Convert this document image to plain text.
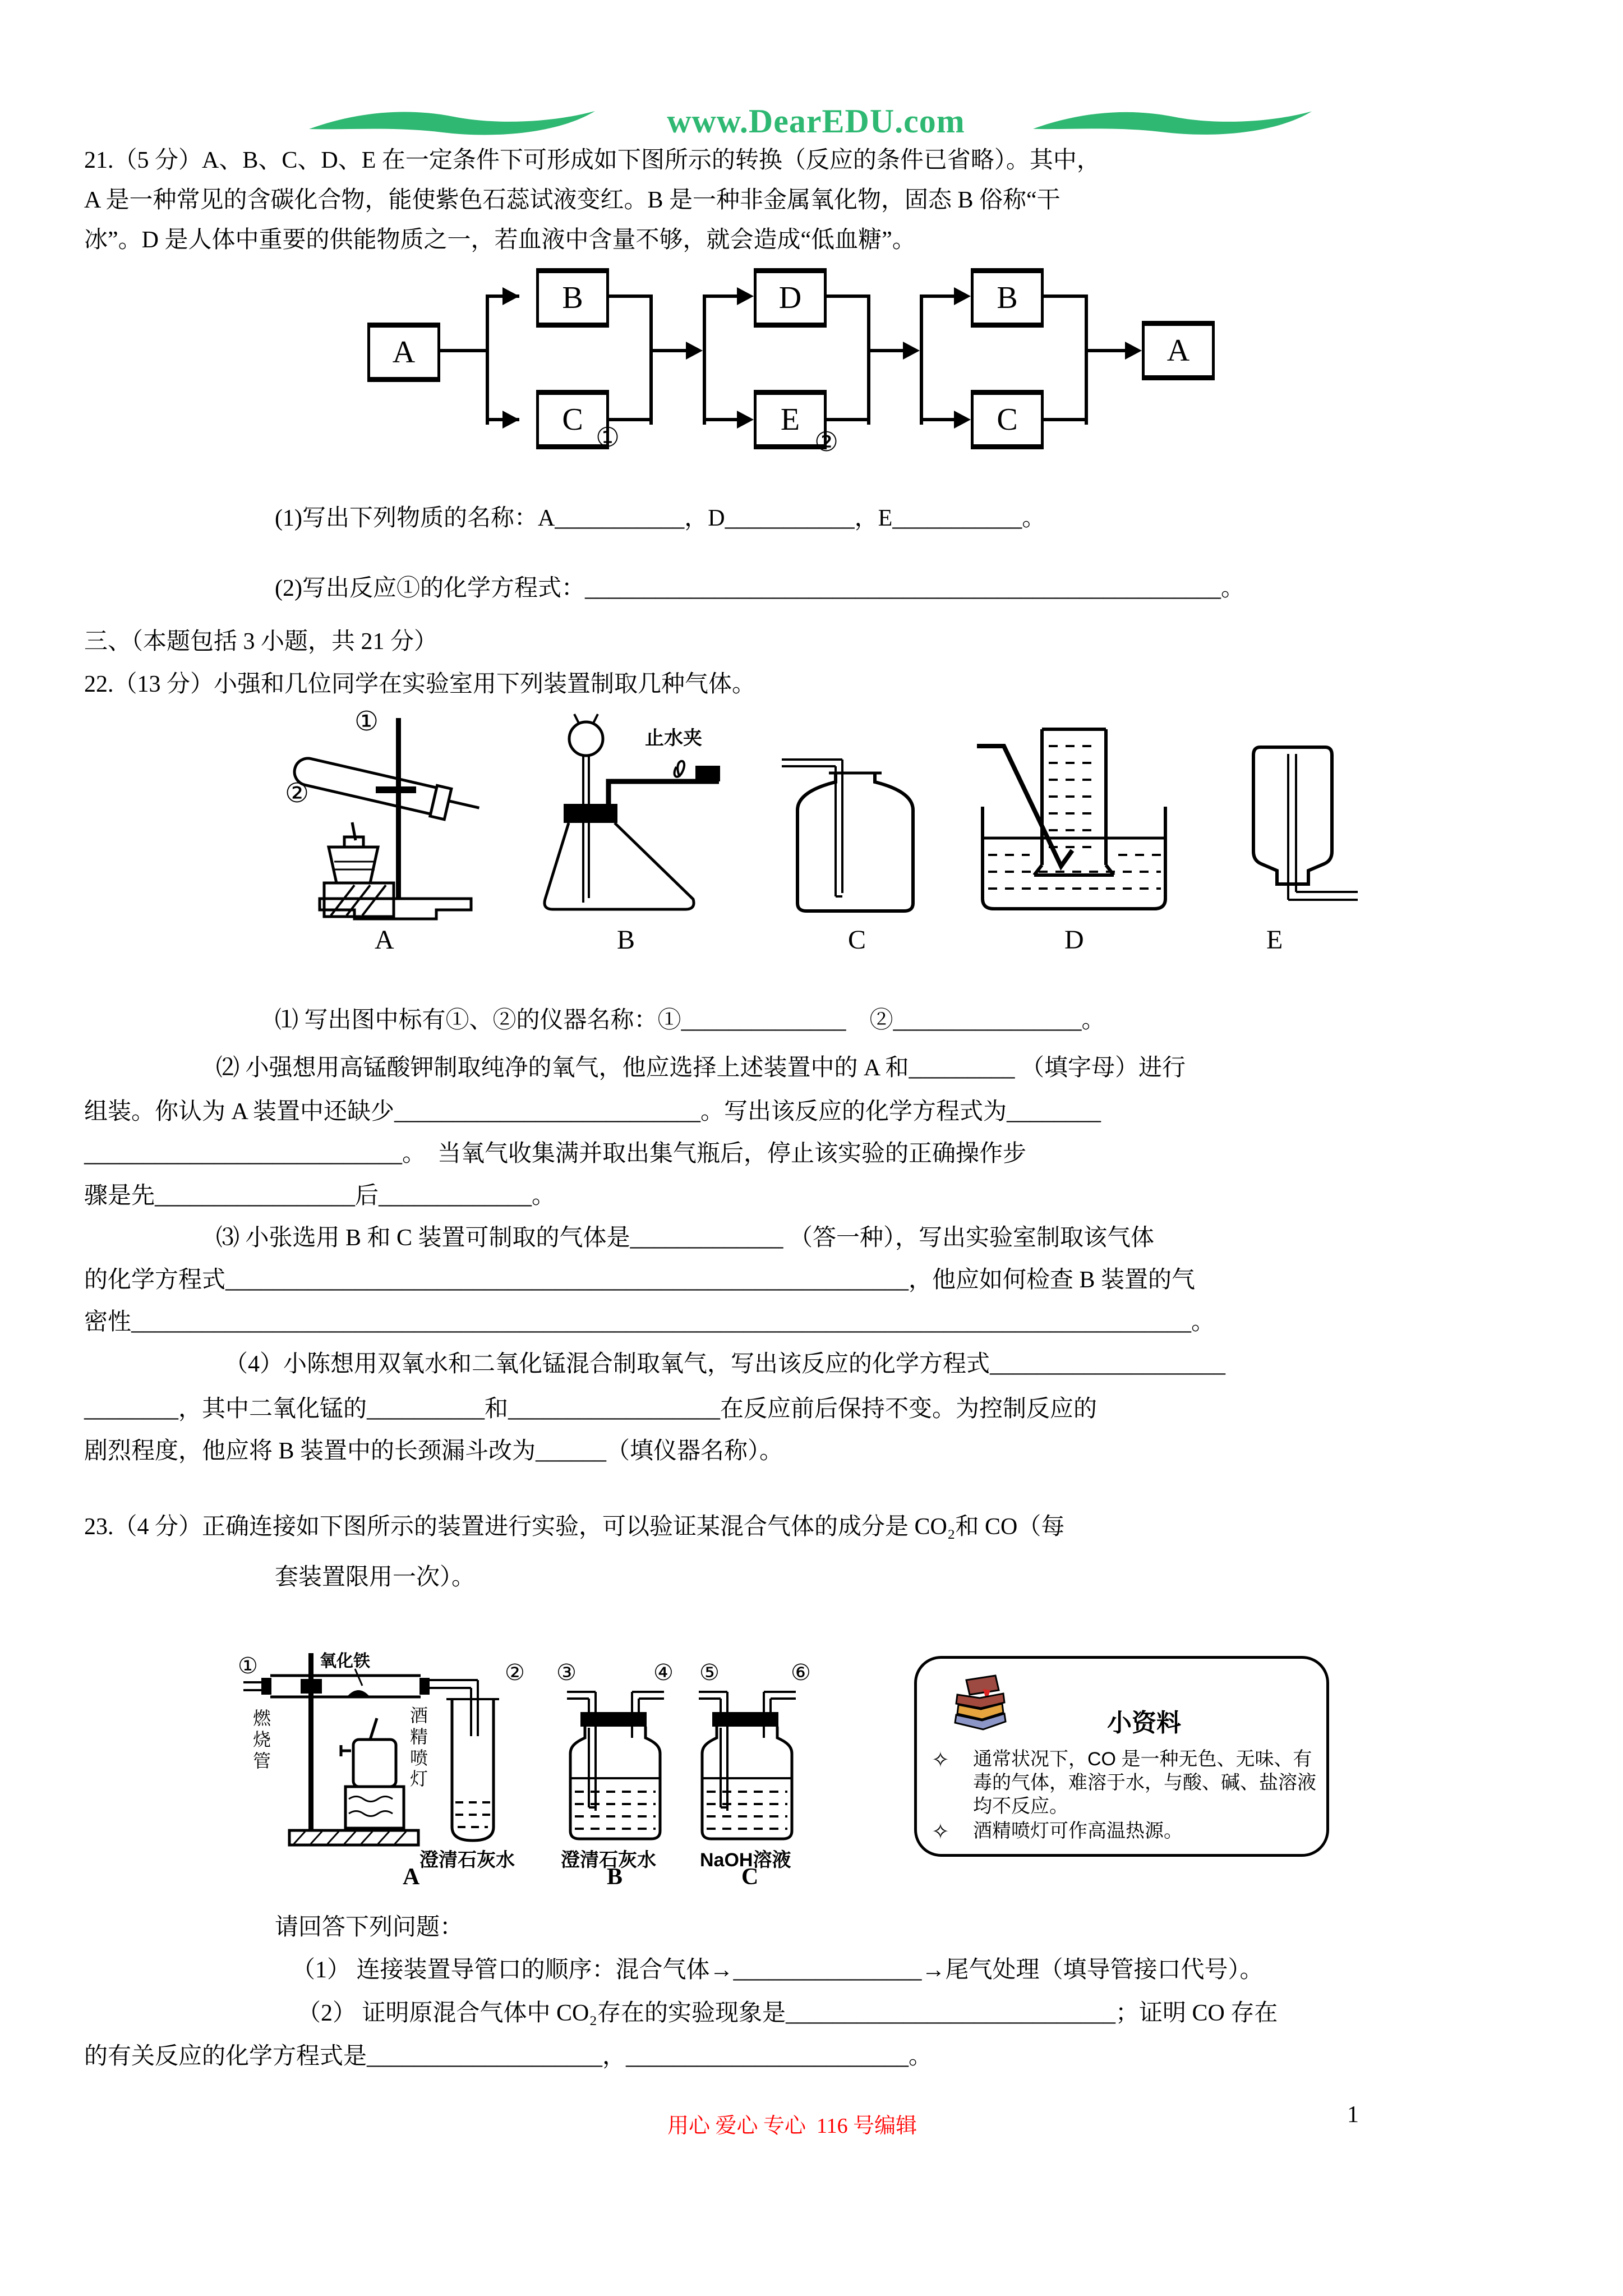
www.DearEDU.com
21.（5 分）A、B、C、D、E 在一定条件下可形成如下图所示的转换（反应的条件已省略）。其中，
A 是一种常见的含碳化合物，能使紫色石蕊试液变红。B 是一种非金属氧化物，固态 B 俗称“干
冰”。D 是人体中重要的供能物质之一，若血液中含量不够，就会造成“低血糖”。
A
B
C
D
E
B
C
A
①	②
(1)写出下列物质的名称：A___________，D___________，E___________。
(2)写出反应①的化学方程式：______________________________________________________。
三、（本题包括 3 小题，共 21 分）
22.（13 分）小强和几位同学在实验室用下列装置制取几种气体。
①
②
止水夹
A	B	C	D	E
⑴ 写出图中标有①、②的仪器名称：①______________　②________________。
⑵ 小强想用高锰酸钾制取纯净的氧气，他应选择上述装置中的 A 和_________ （填字母）进行
组装。你认为 A 装置中还缺少__________________________。写出该反应的化学方程式为________
___________________________。　当氧气收集满并取出集气瓶后，停止该实验的正确操作步
骤是先_________________后_____________。
⑶ 小张选用 B 和 C 装置可制取的气体是_____________ （答一种），写出实验室制取该气体
的化学方程式__________________________________________________________，他应如何检查 B 装置的气
密性__________________________________________________________________________________________。
（4）小陈想用双氧水和二氧化锰混合制取氧气，写出该反应的化学方程式____________________
________，其中二氧化锰的__________和__________________在反应前后保持不变。为控制反应的
剧烈程度，他应将 B 装置中的长颈漏斗改为______（填仪器名称）。
23.（4 分）正确连接如下图所示的装置进行实验，可以验证某混合气体的成分是 CO₂和 CO（每
套装置限用一次）。
①	② ③	④ ⑤	⑥
氧化铁
燃烧管
酒精喷灯
澄清石灰水 澄清石灰水 NaOH溶液
A	B	C
小资料
✧ 通常状况下，CO 是一种无色、无味、有毒的气体，难溶于水，与酸、碱、盐溶液均不反应。
✧ 酒精喷灯可作高温热源。
请回答下列问题：
（1） 连接装置导管口的顺序：混合气体→________________→尾气处理（填导管接口代号）。
（2） 证明原混合气体中 CO₂存在的实验现象是____________________________；证明 CO 存在
的有关反应的化学方程式是____________________，________________________。
用心 爱心 专心  116 号编辑	1
